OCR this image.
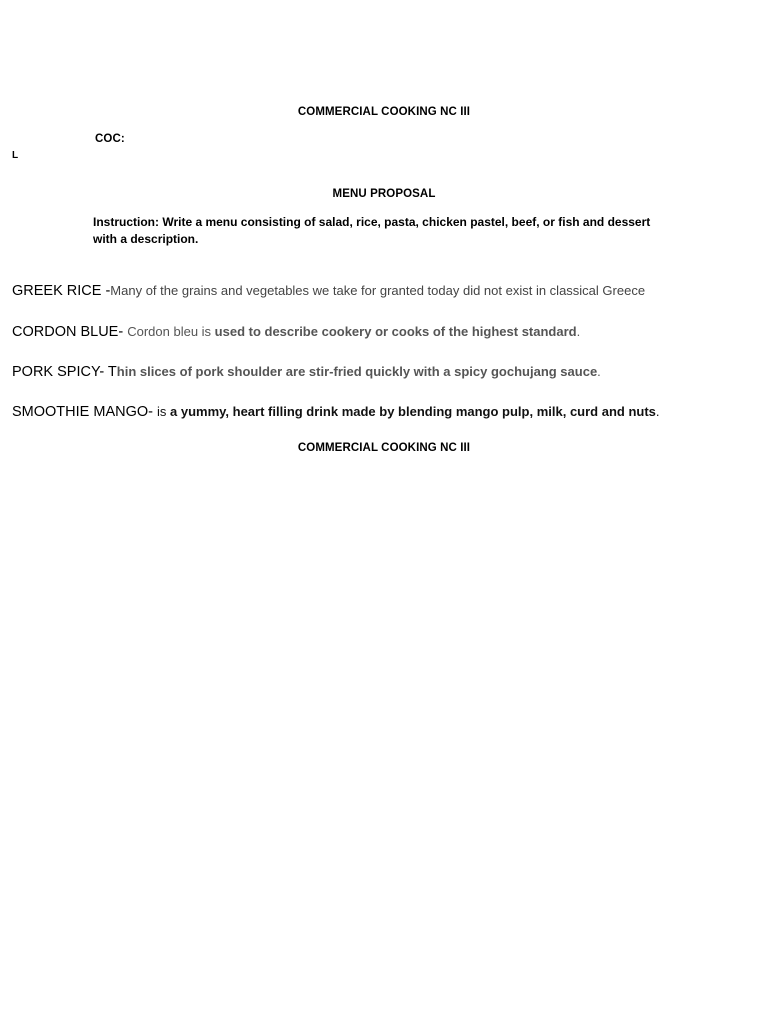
COMMERCIAL COOKING NC III
COC:
L
MENU PROPOSAL
Instruction: Write a menu consisting of salad, rice, pasta, chicken pastel, beef, or fish and dessert with a description.
GREEK RICE -Many of the grains and vegetables we take for granted today did not exist in classical Greece
CORDON BLUE- Cordon bleu is used to describe cookery or cooks of the highest standard.
PORK SPICY- Thin slices of pork shoulder are stir-fried quickly with a spicy gochujang sauce.
SMOOTHIE MANGO- is a yummy, heart filling drink made by blending mango pulp, milk, curd and nuts.
COMMERCIAL COOKING NC III
